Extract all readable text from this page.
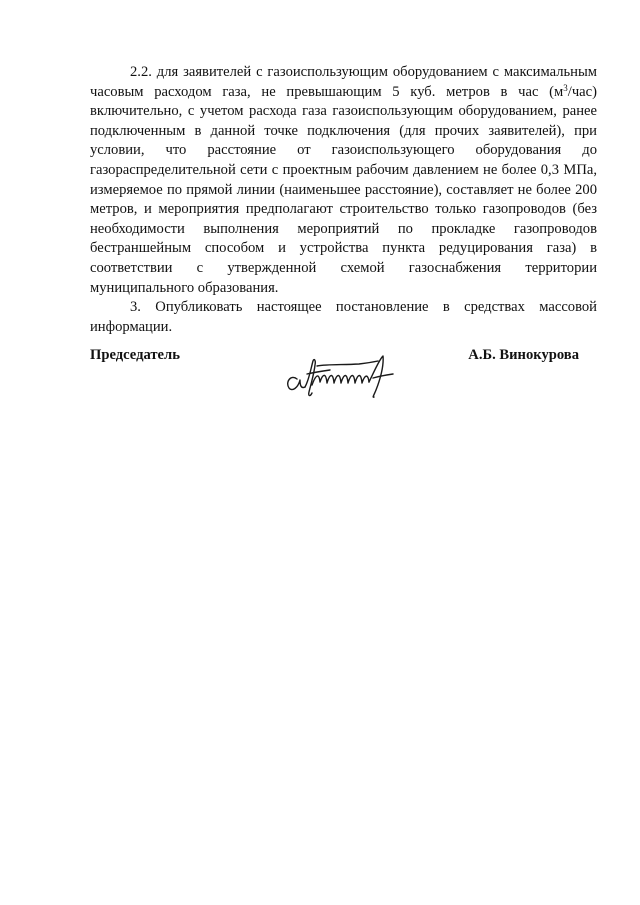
2.2. для заявителей с газоиспользующим оборудованием с максимальным часовым расходом газа, не превышающим 5 куб. метров в час $(м^3/час)$ включительно, с учетом расхода газа газоиспользующим оборудованием, ранее подключенным в данной точке подключения (для прочих заявителей), при условии, что расстояние от газоиспользующего оборудования до газораспределительной сети с проектным рабочим давлением не более 0,3 МПа, измеряемое по прямой линии (наименьшее расстояние), составляет не более 200 метров, и мероприятия предполагают строительство только газопроводов (без необходимости выполнения мероприятий по прокладке газопроводов бестраншейным способом и устройства пункта редуцирования газа) в соответствии с утвержденной схемой газоснабжения территории муниципального образования.

3. Опубликовать настоящее постановление в средствах массовой информации.

Председатель	А.Б. Винокурова
